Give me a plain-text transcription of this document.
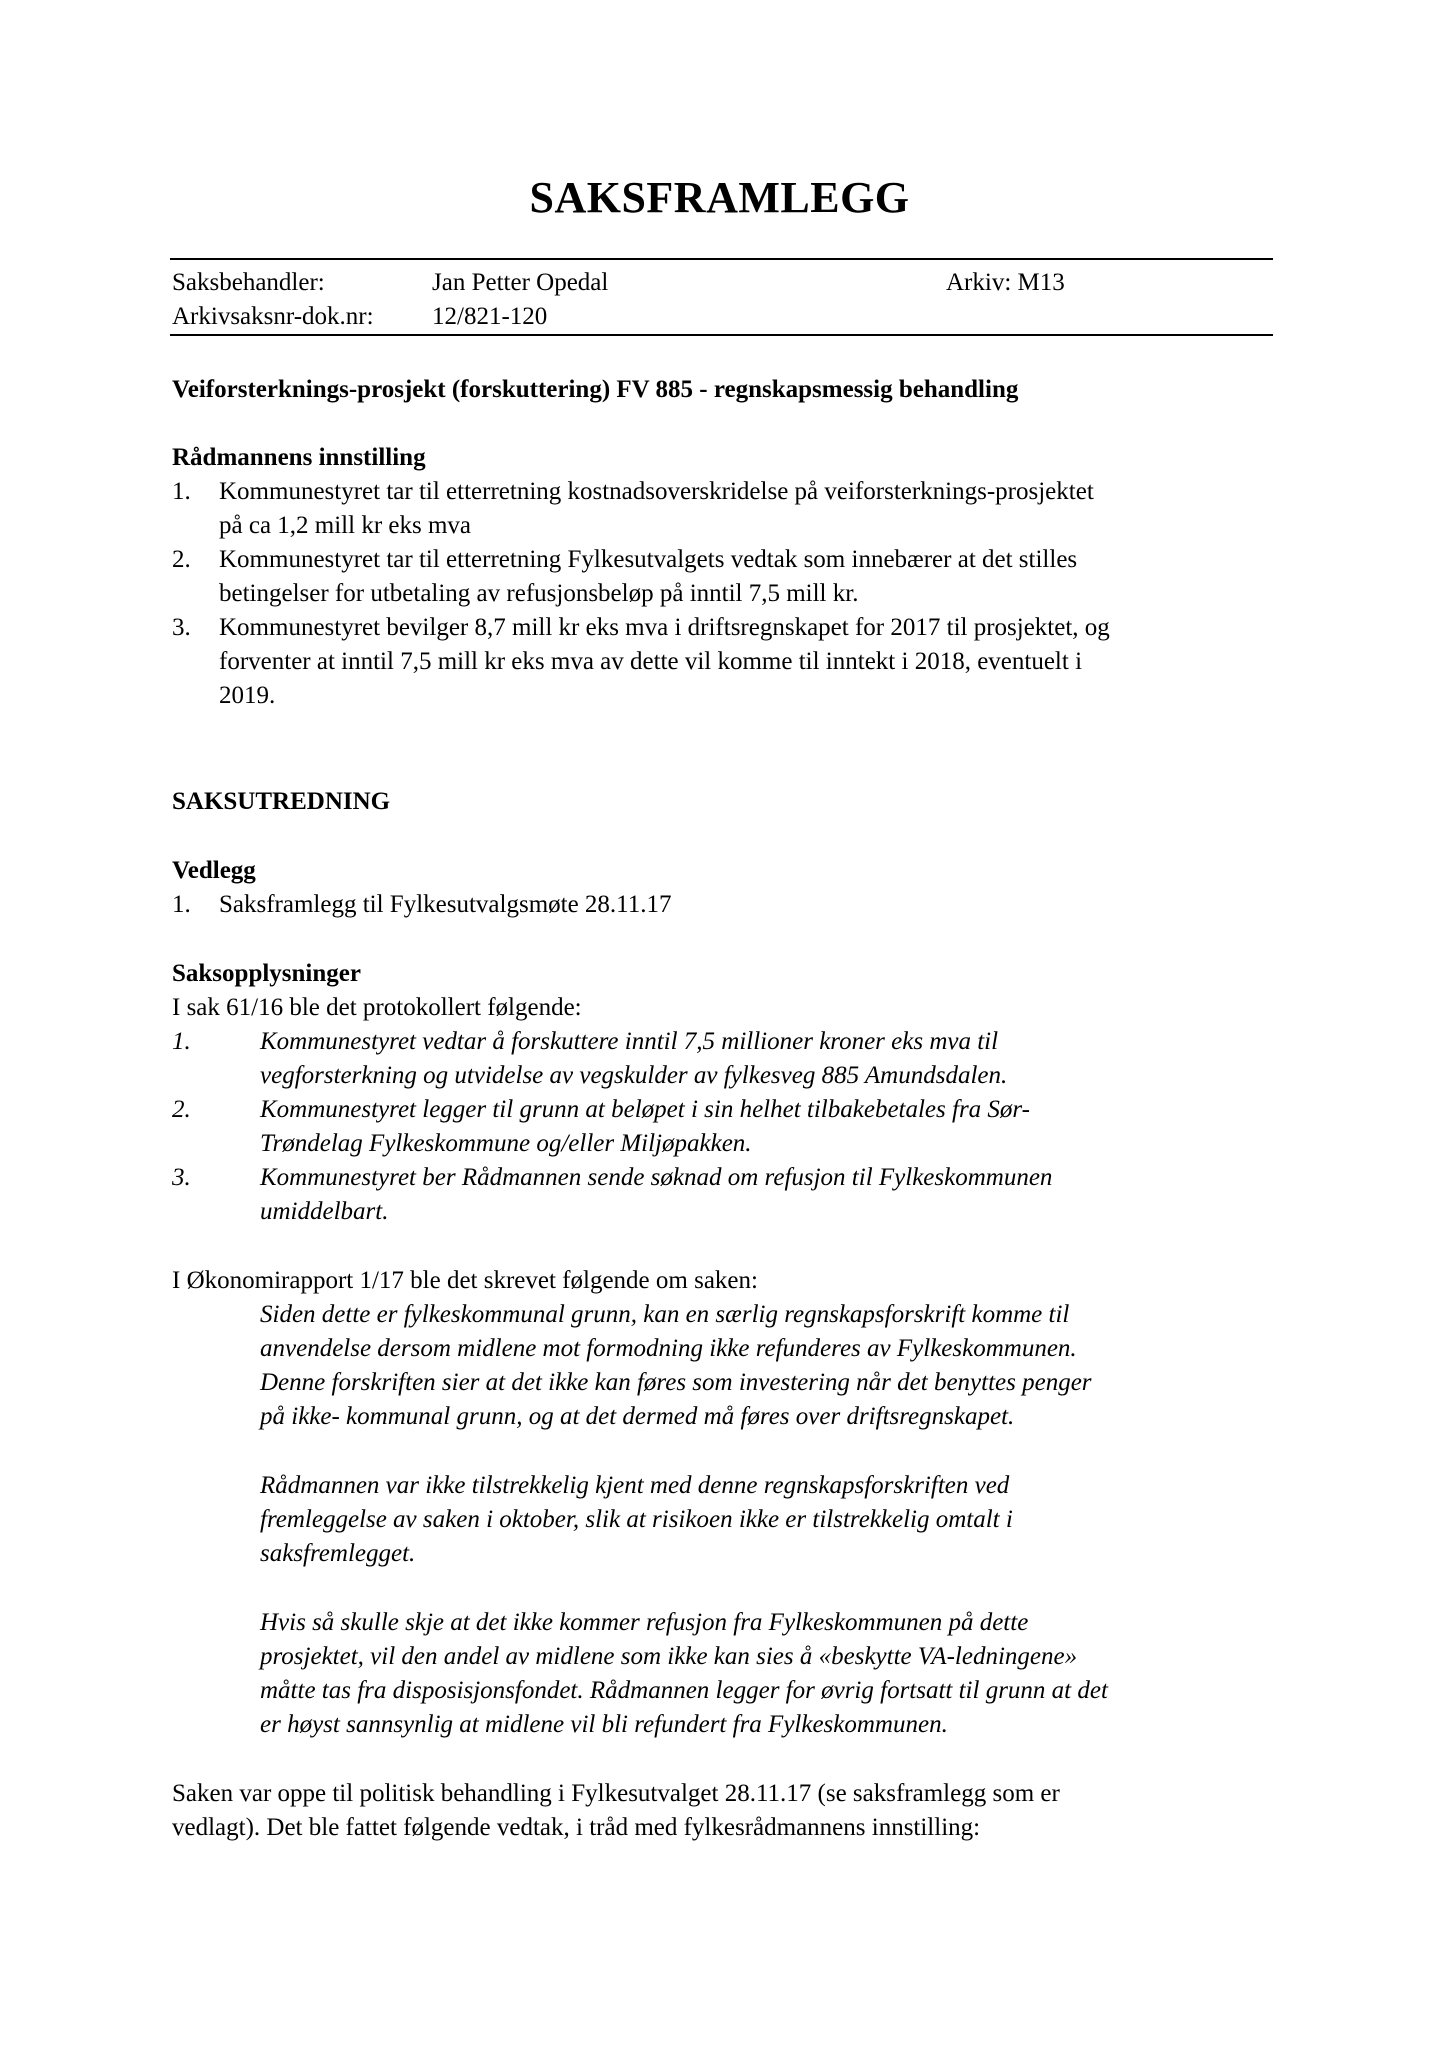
SAKSFRAMLEGG
Saksbehandler:	Jan Petter Opedal	Arkiv: M13
Arkivsaksnr-dok.nr: 12/821-120
Veiforsterknings-prosjekt (forskuttering) FV 885 - regnskapsmessig behandling
Rådmannens innstilling
1. Kommunestyret tar til etterretning kostnadsoverskridelse på veiforsterknings-prosjektet
på ca 1,2 mill kr eks mva
2. Kommunestyret tar til etterretning Fylkesutvalgets vedtak som innebærer at det stilles
betingelser for utbetaling av refusjonsbeløp på inntil 7,5 mill kr.
3. Kommunestyret bevilger 8,7 mill kr eks mva i driftsregnskapet for 2017 til prosjektet, og
forventer at inntil 7,5 mill kr eks mva av dette vil komme til inntekt i 2018, eventuelt i
2019.
SAKSUTREDNING
Vedlegg
1. Saksframlegg til Fylkesutvalgsmøte 28.11.17
Saksopplysninger
I sak 61/16 ble det protokollert følgende:
1.	Kommunestyret vedtar å forskuttere inntil 7,5 millioner kroner eks mva til
vegforsterkning og utvidelse av vegskulder av fylkesveg 885 Amundsdalen.
2.	Kommunestyret legger til grunn at beløpet i sin helhet tilbakebetales fra Sør-
Trøndelag Fylkeskommune og/eller Miljøpakken.
3.	Kommunestyret ber Rådmannen sende søknad om refusjon til Fylkeskommunen
umiddelbart.
I Økonomirapport 1/17 ble det skrevet følgende om saken:
Siden dette er fylkeskommunal grunn, kan en særlig regnskapsforskrift komme til
anvendelse dersom midlene mot formodning ikke refunderes av Fylkeskommunen.
Denne forskriften sier at det ikke kan føres som investering når det benyttes penger
på ikke- kommunal grunn, og at det dermed må føres over driftsregnskapet.
Rådmannen var ikke tilstrekkelig kjent med denne regnskapsforskriften ved
fremleggelse av saken i oktober, slik at risikoen ikke er tilstrekkelig omtalt i
saksfremlegget.
Hvis så skulle skje at det ikke kommer refusjon fra Fylkeskommunen på dette
prosjektet, vil den andel av midlene som ikke kan sies å «beskytte VA-ledningene»
måtte tas fra disposisjonsfondet. Rådmannen legger for øvrig fortsatt til grunn at det
er høyst sannsynlig at midlene vil bli refundert fra Fylkeskommunen.
Saken var oppe til politisk behandling i Fylkesutvalget 28.11.17 (se saksframlegg som er
vedlagt). Det ble fattet følgende vedtak, i tråd med fylkesrådmannens innstilling:
